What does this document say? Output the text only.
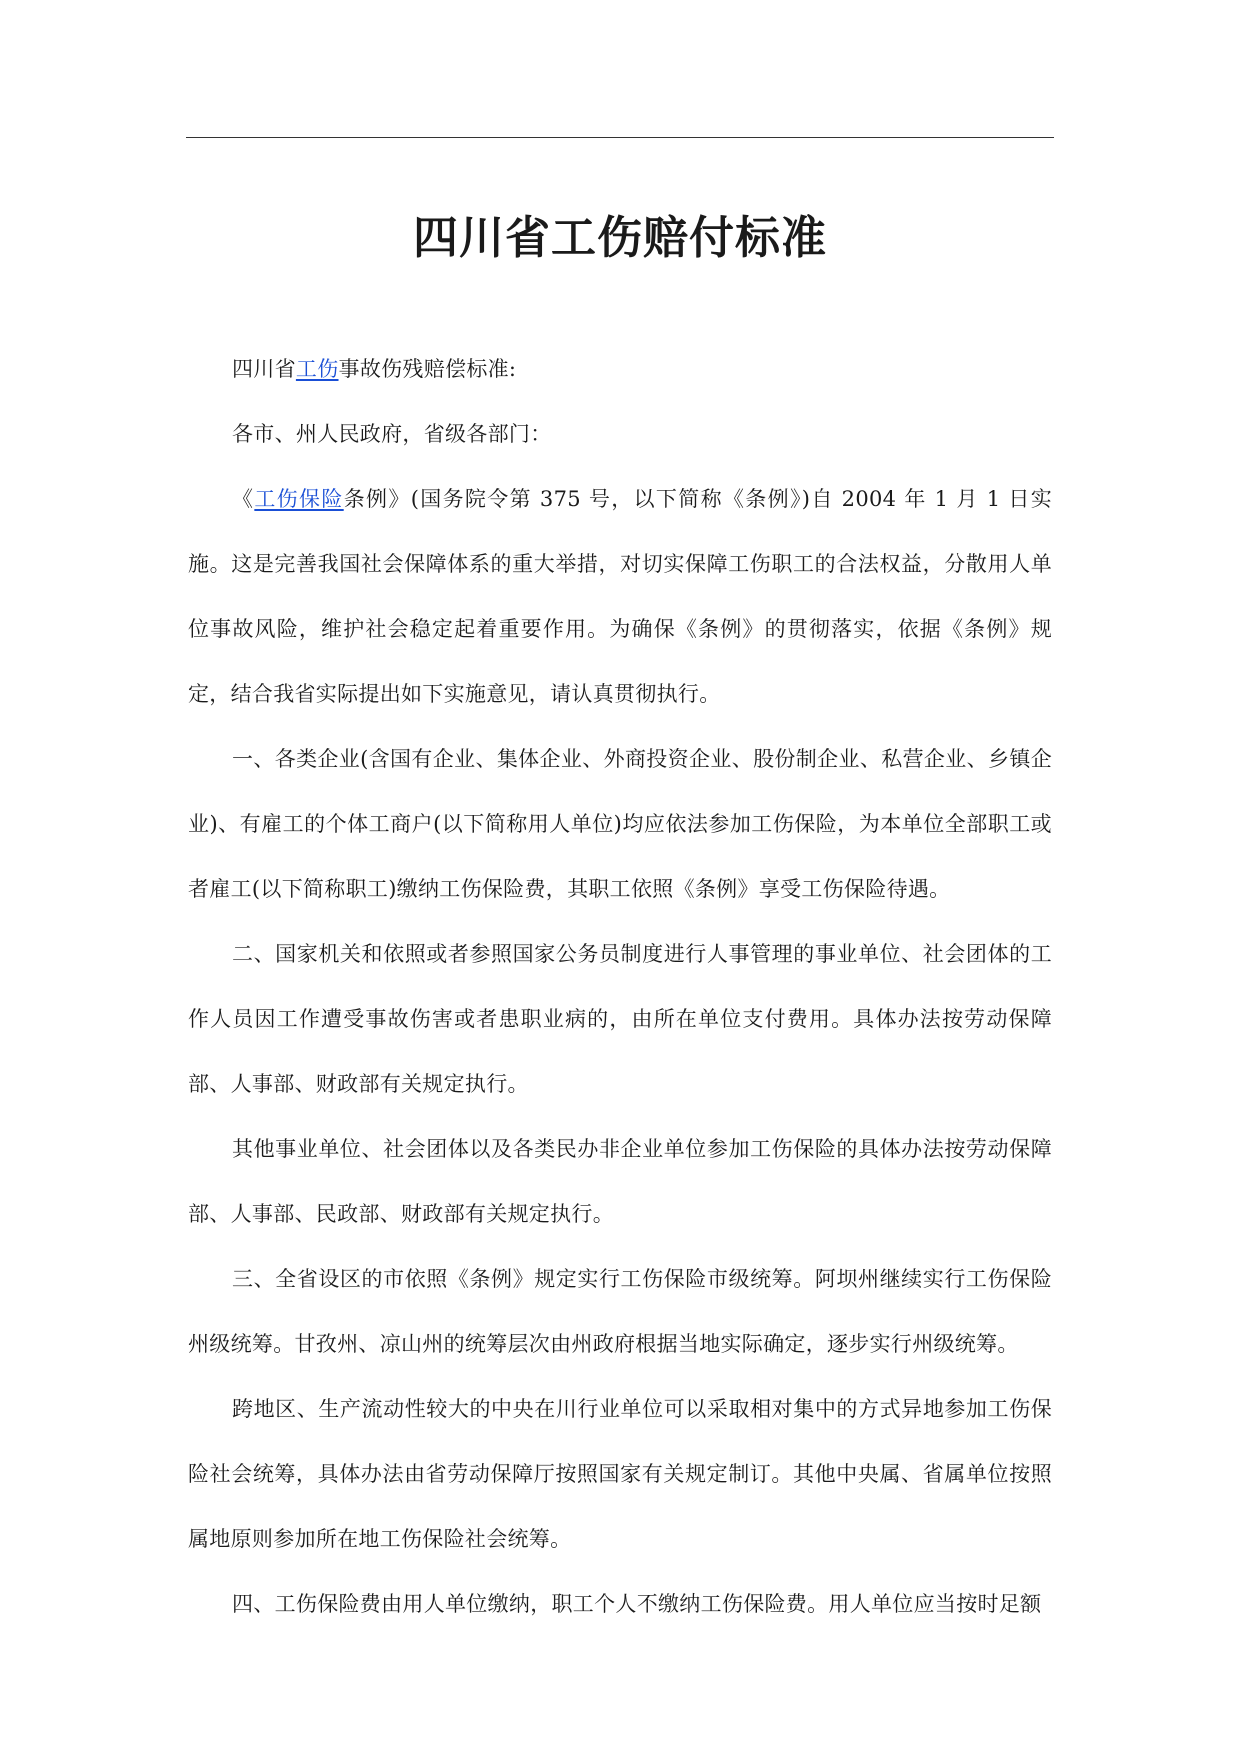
四川省工伤赔付标准

四川省工伤事故伤残赔偿标准:

各市、州人民政府，省级各部门：

《工伤保险条例》(国务院令第 375 号，以下简称《条例》)自 2004 年 1 月 1 日实施。这是完善我国社会保障体系的重大举措，对切实保障工伤职工的合法权益，分散用人单位事故风险，维护社会稳定起着重要作用。为确保《条例》的贯彻落实，依据《条例》规定，结合我省实际提出如下实施意见，请认真贯彻执行。

一、各类企业(含国有企业、集体企业、外商投资企业、股份制企业、私营企业、乡镇企业)、有雇工的个体工商户(以下简称用人单位)均应依法参加工伤保险，为本单位全部职工或者雇工(以下简称职工)缴纳工伤保险费，其职工依照《条例》享受工伤保险待遇。

二、国家机关和依照或者参照国家公务员制度进行人事管理的事业单位、社会团体的工作人员因工作遭受事故伤害或者患职业病的，由所在单位支付费用。具体办法按劳动保障部、人事部、财政部有关规定执行。

其他事业单位、社会团体以及各类民办非企业单位参加工伤保险的具体办法按劳动保障部、人事部、民政部、财政部有关规定执行。

三、全省设区的市依照《条例》规定实行工伤保险市级统筹。阿坝州继续实行工伤保险州级统筹。甘孜州、凉山州的统筹层次由州政府根据当地实际确定，逐步实行州级统筹。

跨地区、生产流动性较大的中央在川行业单位可以采取相对集中的方式异地参加工伤保险社会统筹，具体办法由省劳动保障厅按照国家有关规定制订。其他中央属、省属单位按照属地原则参加所在地工伤保险社会统筹。

四、工伤保险费由用人单位缴纳，职工个人不缴纳工伤保险费。用人单位应当按时足额
